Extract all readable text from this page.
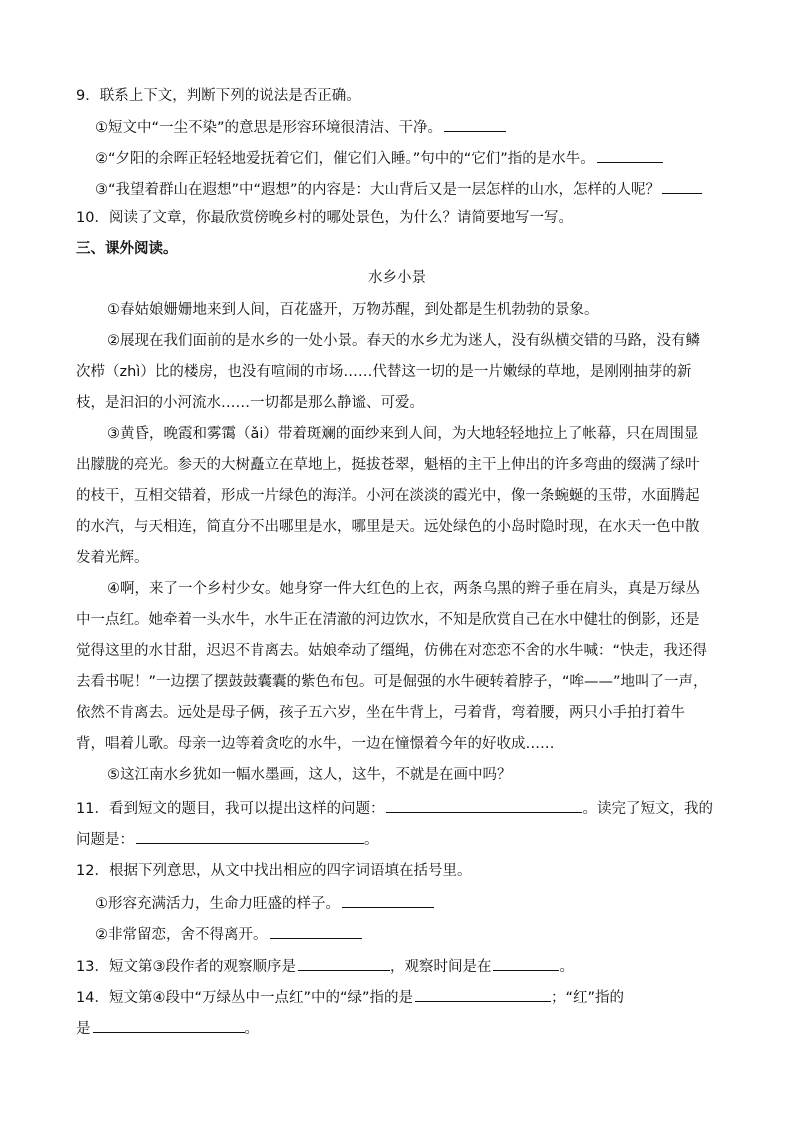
9．联系上下文，判断下列的说法是否正确。
①短文中“一尘不染”的意思是形容环境很清洁、干净。
②“夕阳的余晖正轻轻地爱抚着它们，催它们入睡。”句中的“它们”指的是水牛。
③“我望着群山在遐想”中“遐想”的内容是：大山背后又是一层怎样的山水，怎样的人呢？
10．阅读了文章，你最欣赏傍晚乡村的哪处景色，为什么？请简要地写一写。
三、课外阅读。
水乡小景
①春姑娘姗姗地来到人间，百花盛开，万物苏醒，到处都是生机勃勃的景象。
②展现在我们面前的是水乡的一处小景。春天的水乡尤为迷人，没有纵横交错的马路，没有鳞
次栉（zhì）比的楼房，也没有喧闹的市场……代替这一切的是一片嫩绿的草地，是刚刚抽芽的新
枝，是汩汩的小河流水……一切都是那么静谧、可爱。
③黄昏，晚霞和雾霭（ǎi）带着斑斓的面纱来到人间，为大地轻轻地拉上了帐幕，只在周围显
出朦胧的亮光。参天的大树矗立在草地上，挺拔苍翠，魁梧的主干上伸出的许多弯曲的缀满了绿叶
的枝干，互相交错着，形成一片绿色的海洋。小河在淡淡的霞光中，像一条蜿蜒的玉带，水面腾起
的水汽，与天相连，简直分不出哪里是水，哪里是天。远处绿色的小岛时隐时现，在水天一色中散
发着光辉。
④啊，来了一个乡村少女。她身穿一件大红色的上衣，两条乌黑的辫子垂在肩头，真是万绿丛
中一点红。她牵着一头水牛，水牛正在清澈的河边饮水，不知是欣赏自己在水中健壮的倒影，还是
觉得这里的水甘甜，迟迟不肯离去。姑娘牵动了缰绳，仿佛在对恋恋不舍的水牛喊：“快走，我还得
去看书呢！”一边摆了摆鼓鼓囊囊的紫色布包。可是倔强的水牛硬转着脖子，“哞——”地叫了一声，
依然不肯离去。远处是母子俩，孩子五六岁，坐在牛背上，弓着背，弯着腰，两只小手拍打着牛
背，唱着儿歌。母亲一边等着贪吃的水牛，一边在憧憬着今年的好收成……
⑤这江南水乡犹如一幅水墨画，这人，这牛，不就是在画中吗？
11．看到短文的题目，我可以提出这样的问题：	。读完了短文，我的
问题是：	。
12．根据下列意思，从文中找出相应的四字词语填在括号里。
①形容充满活力，生命力旺盛的样子。
②非常留恋，舍不得离开。
13．短文第③段作者的观察顺序是	，观察时间是在	。
14．短文第④段中“万绿丛中一点红”中的“绿”指的是	；“红”指的
是	。
